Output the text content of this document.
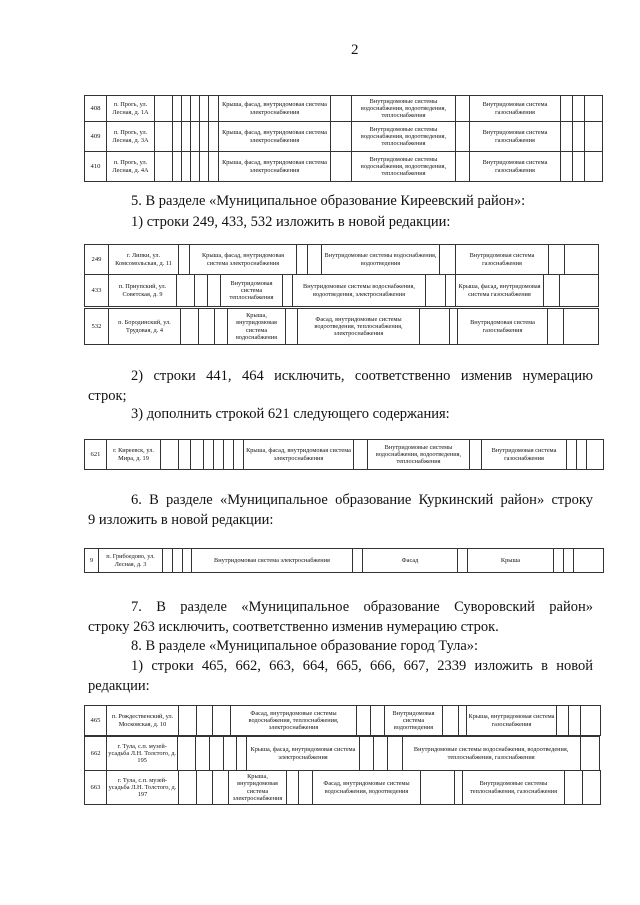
2
408	п. Прогь, ул. Лесная, д. 1А							Крыша, фасад, внутридомовая система электроснабжения		Внутридомовые системы водоснабжения, водоотведения, теплоснабжения		Внутридомовая система газоснабжения			
409	п. Прогь, ул. Лесная, д. 3А							Крыша, фасад, внутридомовая система электроснабжения		Внутридомовые системы водоснабжения, водоотведения, теплоснабжения		Внутридомовая система газоснабжения			
410	п. Прогь, ул. Лесная, д. 4А							Крыша, фасад, внутридомовая система электроснабжения		Внутридомовые системы водоснабжения, водоотведения, теплоснабжения		Внутридомовая система газоснабжения			

5. В разделе «Муниципальное образование Киреевский район»:

1) строки 249, 433, 532 изложить в новой редакции:

249	г. Липки, ул. Комсомольская, д. 11		Крыша, фасад, внутридомовая система электроснабжения			Внутридомовые системы водоснабжения, водоотведения		Внутридомовая система газоснабжения		
433	п. Приупский, ул. Советская, д. 9				Внутридомовая система теплоснабжения		Внутридомовые системы водоснабжения, водоотведения, электроснабжения			Крыша, фасад, внутридомовая система газоснабжения		
532	п. Бородинский, ул. Трудовая, д. 4				Крыша, внутридомовая система водоснабжения		Фасад, внутридомовые системы водоотведения, теплоснабжения, электроснабжения			Внутридомовая система газоснабжения		

2) строки 441, 464 исключить, соответственно изменив нумерацию

строк;

3) дополнить строкой 621 следующего содержания:

621	г. Киреевск, ул. Мира, д. 19								Крыша, фасад, внутридомовая система электроснабжения		Внутридомовые системы водоснабжения, водоотведения, теплоснабжения		Внутридомовая система газоснабжения			

6. В разделе «Муниципальное образование Куркинский район» строку

9 изложить в новой редакции:

9	п. Грибоедово, ул. Лесная, д. 3				Внутридомовая система электроснабжения		Фасад		Крыша			

7. В разделе «Муниципальное образование Суворовский район»

строку 263 исключить, соответственно изменив нумерацию строк.

8. В разделе «Муниципальное образование город Тула»:

1) строки 465, 662, 663, 664, 665, 666, 667, 2339 изложить в новой

редакции:

465	п. Рождественский, ул. Московская, д. 10				Фасад, внутридомовые системы водоснабжения, теплоснабжения, электроснабжения			Внутридомовая система водоотведения			Крыша, внутридомовая система газоснабжения			
662	г. Тула, с.п. музей-усадьба Л.Н. Толстого, д. 195						Крыша, фасад, внутридомовая система электроснабжения				Внутридомовые системы водоснабжения, водоотведения, теплоснабжения, газоснабжения	
663	г. Тула, с.п. музей-усадьба Л.Н. Толстого, д. 197				Крыша, внутридомовая система электроснабжения			Фасад, внутридомовые системы водоснабжения, водоотведения			Внутридомовые системы теплоснабжения, газоснабжения		
